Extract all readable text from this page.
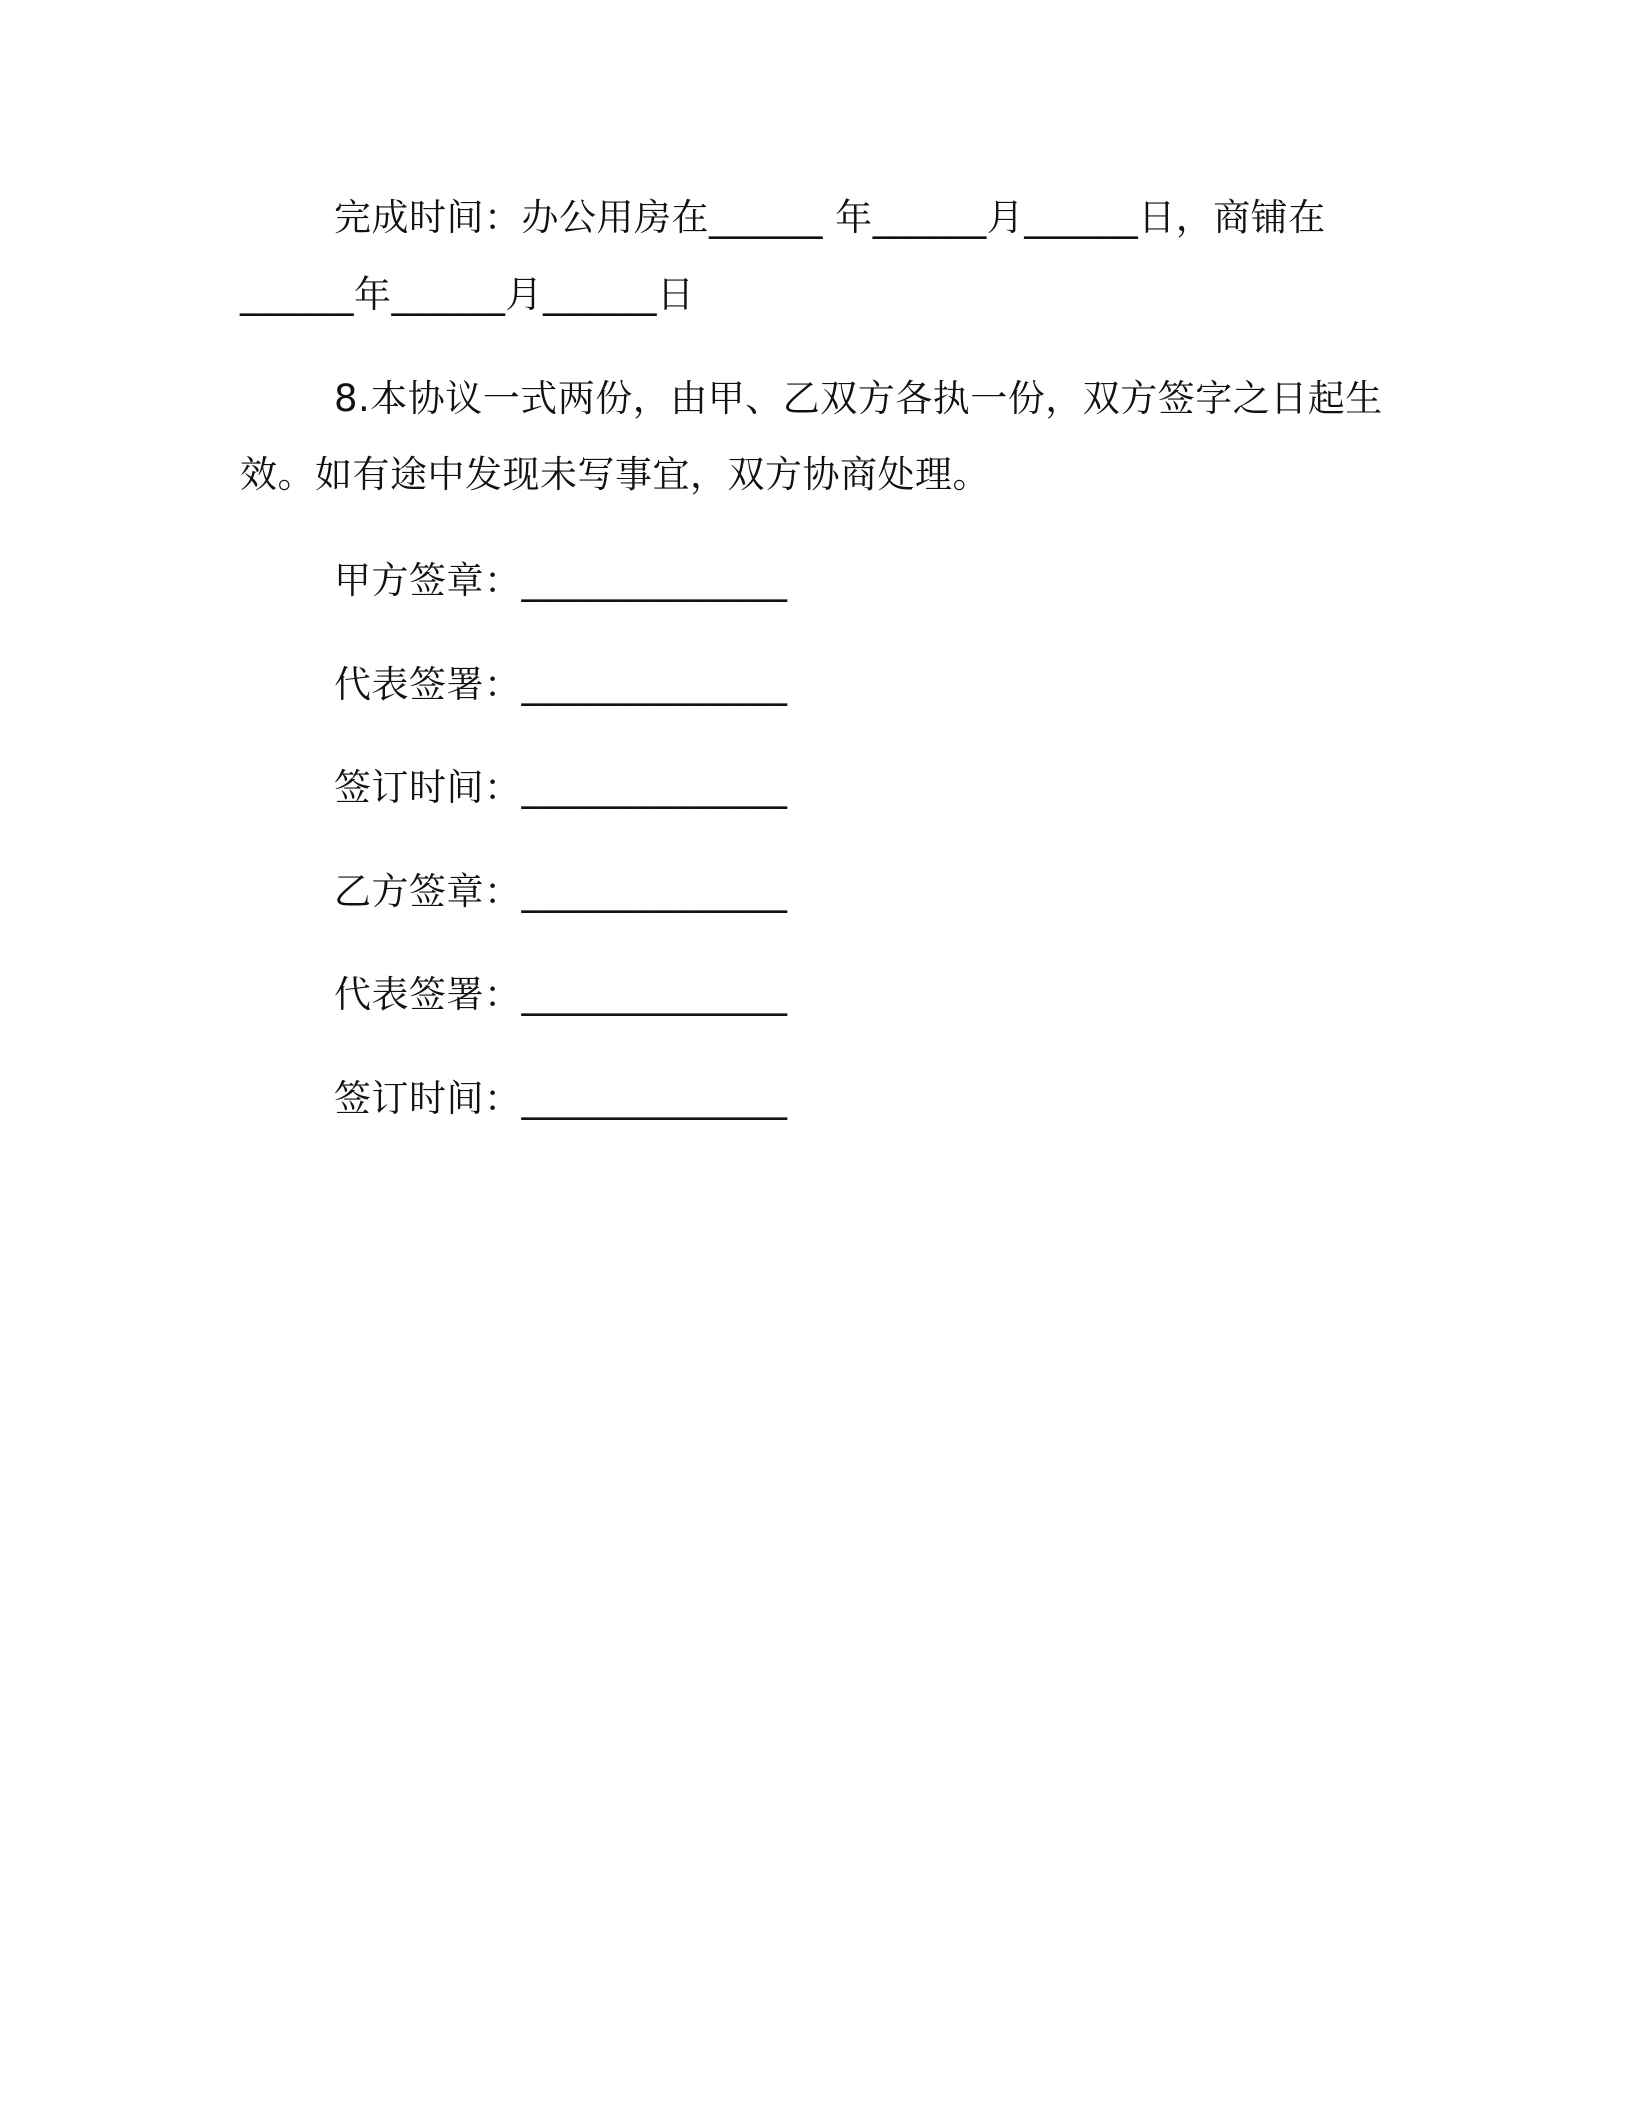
完成时间：办公用房在______ 年______月______日，商铺在
______年______月______日
8.本协议一式两份，由甲、乙双方各执一份，双方签字之日起生
效。如有途中发现未写事宜，双方协商处理。
甲方签章：______________
代表签署：______________
签订时间：______________
乙方签章：______________
代表签署：______________
签订时间：______________
